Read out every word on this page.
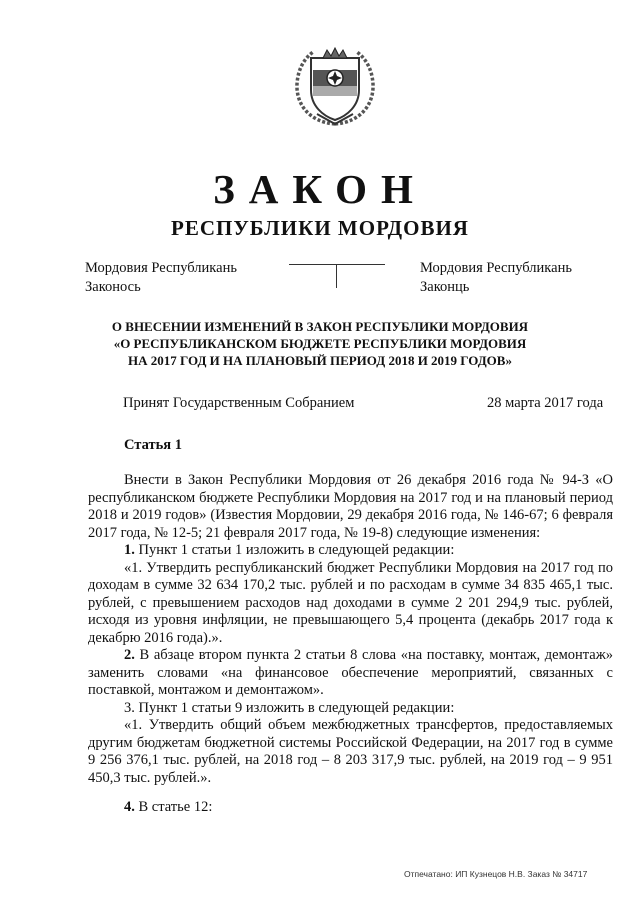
ЗАКОН
РЕСПУБЛИКИ МОРДОВИЯ
Мордовия Республикань
Законось
Мордовия Республикань
Законць
О ВНЕСЕНИИ ИЗМЕНЕНИЙ В ЗАКОН РЕСПУБЛИКИ МОРДОВИЯ
«О РЕСПУБЛИКАНСКОМ БЮДЖЕТЕ РЕСПУБЛИКИ МОРДОВИЯ
НА 2017 ГОД И НА ПЛАНОВЫЙ ПЕРИОД 2018 И 2019 ГОДОВ»
Принят Государственным Собранием	28 марта 2017 года
Статья 1

Внести в Закон Республики Мордовия от 26 декабря 2016 года № 94-З «О республиканском бюджете Республики Мордовия на 2017 год и на плановый период 2018 и 2019 годов» (Известия Мордовии, 29 декабря 2016 года, № 146-67; 6 февраля 2017 года, № 12-5; 21 февраля 2017 года, № 19-8) следующие изменения:

1. Пункт 1 статьи 1 изложить в следующей редакции:

«1. Утвердить республиканский бюджет Республики Мордовия на 2017 год по доходам в сумме 32 634 170,2 тыс. рублей и по расходам в сумме 34 835 465,1 тыс. рублей, с превышением расходов над доходами в сумме 2 201 294,9 тыс. рублей, исходя из уровня инфляции, не превышающего 5,4 процента (декабрь 2017 года к декабрю 2016 года).».

2. В абзаце втором пункта 2 статьи 8 слова «на поставку, монтаж, демонтаж» заменить словами «на финансовое обеспечение мероприятий, связанных с поставкой, монтажом и демонтажом».

3. Пункт 1 статьи 9 изложить в следующей редакции:

«1. Утвердить общий объем межбюджетных трансфертов, предоставляемых другим бюджетам бюджетной системы Российской Федерации, на 2017 год в сумме 9 256 376,1 тыс. рублей, на 2018 год – 8 203 317,9 тыс. рублей, на 2019 год – 9 951 450,3 тыс. рублей.».

4. В статье 12:

Отпечатано: ИП Кузнецов Н.В. Заказ № 34717
